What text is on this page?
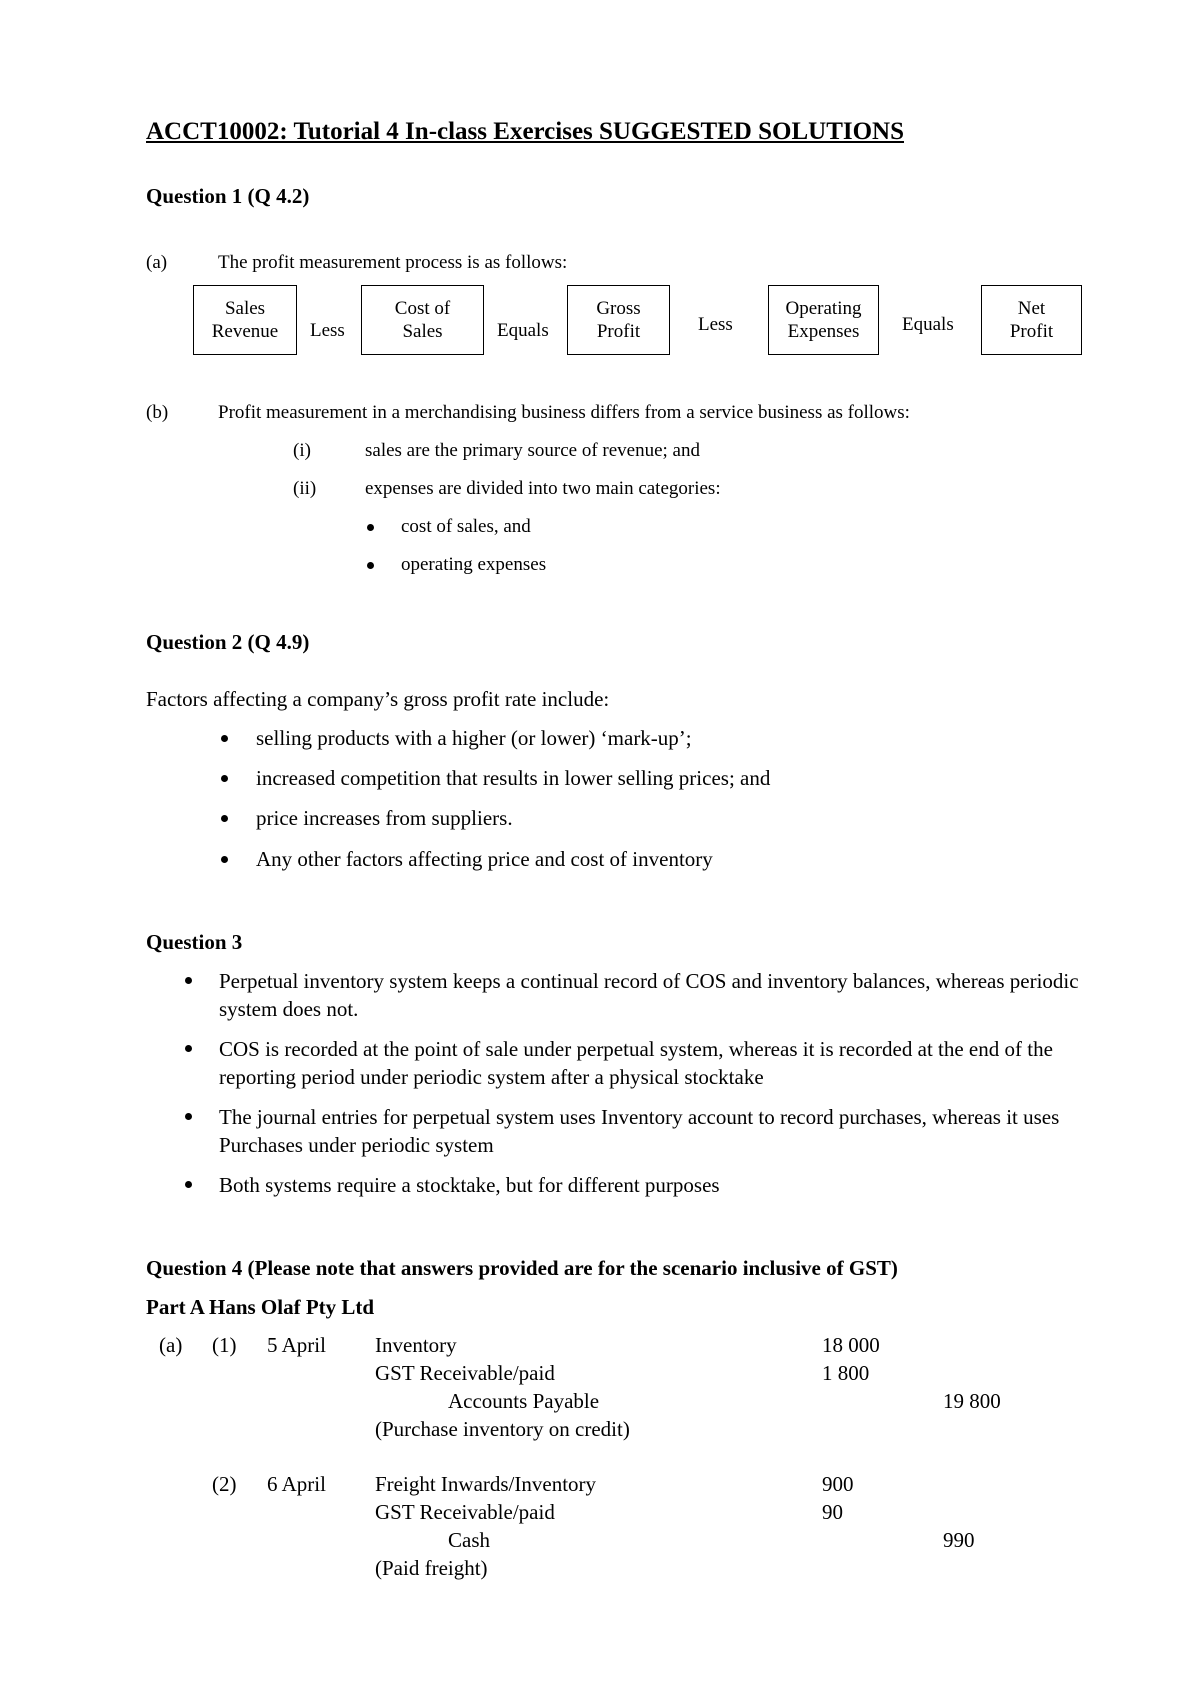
ACCT10002: Tutorial 4 In-class Exercises SUGGESTED SOLUTIONS
Question 1 (Q 4.2)
(a)	The profit measurement process is as follows:
Sales
Revenue Less
Cost of
Sales	Equals
Gross
Profit	Less
Operating
Expenses Equals
Net
Profit
(b)	Profit measurement in a merchandising business differs from a service business as follows:
(i)	sales are the primary source of revenue; and
(ii)	expenses are divided into two main categories:
cost of sales, and
operating expenses
Question 2 (Q 4.9)
Factors affecting a company’s gross profit rate include:
selling products with a higher (or lower) ‘mark-up’;
increased competition that results in lower selling prices; and
price increases from suppliers.
Any other factors affecting price and cost of inventory
Question 3
Perpetual inventory system keeps a continual record of COS and inventory balances, whereas periodic system does not.
COS is recorded at the point of sale under perpetual system, whereas it is recorded at the end of the reporting period under periodic system after a physical stocktake
The journal entries for perpetual system uses Inventory account to record purchases, whereas it uses Purchases under periodic system
Both systems require a stocktake, but for different purposes
Question 4 (Please note that answers provided are for the scenario inclusive of GST)
Part A Hans Olaf Pty Ltd
(a) (1) 5 April Inventory	18 000
GST Receivable/paid	1 800
Accounts Payable	19 800
(Purchase inventory on credit)
(2) 6 April Freight Inwards/Inventory	900
GST Receivable/paid	90
Cash	990
(Paid freight)
